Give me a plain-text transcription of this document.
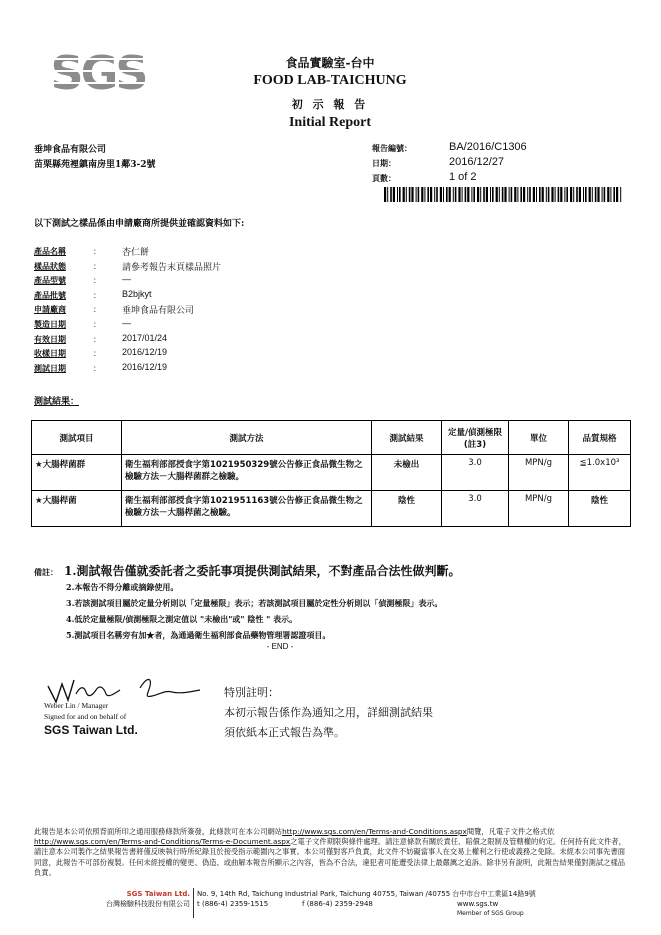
SGS	食品實驗室-台中
FOOD LAB-TAICHUNG
初 示 報 告
Initial Report
垂坤食品有限公司
苗栗縣苑裡鎮南房里1鄰3-2號
報告編號：	BA/2016/C1306
日期：	2016/12/27
頁數：	1 of 2
以下測試之樣品係由申請廠商所提供並確認資料如下:
產品名稱	： 杏仁餅
樣品狀態	： 請參考報告末頁樣品照片
產品型號	： —
產品批號	： B2bjkyt
申請廠商	： 垂坤食品有限公司
製造日期	： —
有效日期	： 2017/01/24
收樣日期	： 2016/12/19
測試日期	： 2016/12/19
測試結果：
測試項目	測試方法	測試結果	定量/偵測極限(註3)	單位	品質規格
★大腸桿菌群	衛生福利部部授食字第1021950329號公告修正食品微生物之檢驗方法－大腸桿菌群之檢驗。	未檢出	3.0	MPN/g	≦1.0x10³
★大腸桿菌	衛生福利部部授食字第1021951163號公告修正食品微生物之檢驗方法－大腸桿菌之檢驗。	陰性	3.0	MPN/g	陰性
備註： 1.測試報告僅就委託者之委託事項提供測試結果，不對產品合法性做判斷。
2.本報告不得分離或摘錄使用。
3.若該測試項目屬於定量分析則以「定量極限」表示；若該測試項目屬於定性分析則以「偵測極限」表示。
4.低於定量極限/偵測極限之測定值以 "未檢出"或" 陰性 " 表示。
5.測試項目名稱旁有加★者，為通過衛生福利部食品藥物管理署認證項目。
- END -
Weber Lin / Manager
Signed for and on behalf of
SGS Taiwan Ltd.
特別註明：
本初示報告係作為通知之用，詳細測試結果
須依紙本正式報告為準。
此報告是本公司依照背面所印之通用服務條款所簽發，此條款可在本公司網站http://www.sgs.com/en/Terms-and-Conditions.aspx閱覽，凡電子文件之格式依http://www.sgs.com/en/Terms-and-Conditions/Terms-e-Document.aspx之電子文件期限與條件處理。請注意條款有關於責任、賠償之限制及管轄權的約定。任何持有此文件者，請注意本公司製作之結果報告書將僅反映執行時所紀錄且於接受指示範圍內之事實。本公司僅對客戶負責，此文件不妨礙當事人在交易上權利之行使或義務之免除。未經本公司事先書面同意，此報告不可部份複製。任何未經授權的變更、偽造、或曲解本報告所顯示之內容，皆為不合法，違犯者可能遭受法律上最嚴厲之追訴。除非另有說明，此報告結果僅對測試之樣品負責。
SGS Taiwan Ltd.
台灣檢驗科技股份有限公司
No. 9, 14th Rd, Taichung Industrial Park, Taichung 40755, Taiwan /40755 台中市台中工業區14路9號
t (886-4) 2359-1515	f (886-4) 2359-2948	www.sgs.tw
Member of SGS Group
